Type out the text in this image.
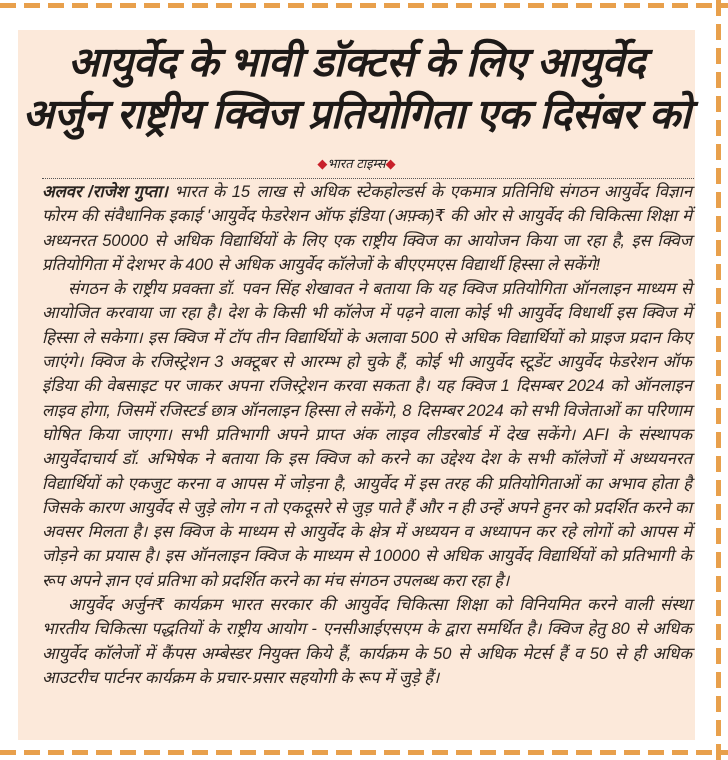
आयुर्वेद के भावी डॉक्टर्स के लिए आयुर्वेद
अर्जुन राष्ट्रीय क्विज प्रतियोगिता एक दिसंबर को
◆भारत टाइम्स◆

अलवर /राजेश गुप्ता। भारत के 15 लाख से अधिक स्टेकहोल्डर्स के एकमात्र प्रतिनिधि संगठन आयुर्वेद विज्ञान फोरम की संवैधानिक इकाई 'आयुर्वेद फेडरेशन ऑफ इंडिया (अफ़्क)₹ की ओर से आयुर्वेद की चिकित्सा शिक्षा में अध्यनरत 50000 से अधिक विद्यार्थियों के लिए एक राष्ट्रीय क्विज का आयोजन किया जा रहा है, इस क्विज प्रतियोगिता में देशभर के 400 से अधिक आयुर्वेद कॉलेजों के बीएएमएस विद्यार्थी हिस्सा ले सकेंगे!

संगठन के राष्ट्रीय प्रवक्ता डॉ. पवन सिंह शेखावत ने बताया कि यह क्विज प्रतियोगिता ऑनलाइन माध्यम से आयोजित करवाया जा रहा है। देश के किसी भी कॉलेज में पढ़ने वाला कोई भी आयुर्वेद विधार्थी इस क्विज में हिस्सा ले सकेगा। इस क्विज में टॉप तीन विद्यार्थियों के अलावा 500 से अधिक विद्यार्थियों को प्राइज प्रदान किए जाएंगे। क्विज के रजिस्ट्रेशन 3 अक्टूबर से आरम्भ हो चुके हैं, कोई भी आयुर्वेद स्टूडेंट आयुर्वेद फेडरेशन ऑफ इंडिया की वेबसाइट पर जाकर अपना रजिस्ट्रेशन करवा सकता है। यह क्विज 1 दिसम्बर 2024 को ऑनलाइन लाइव होगा, जिसमें रजिस्टर्ड छात्र ऑनलाइन हिस्सा ले सकेंगे, 8 दिसम्बर 2024 को सभी विजेताओं का परिणाम घोषित किया जाएगा। सभी प्रतिभागी अपने प्राप्त अंक लाइव लीडरबोर्ड में देख सकेंगे। AFI के संस्थापक आयुर्वेदाचार्य डॉ. अभिषेक ने बताया कि इस क्विज को करने का उद्देश्य देश के सभी कॉलेजों में अध्ययनरत विद्यार्थियों को एकजुट करना व आपस में जोड़ना है, आयुर्वेद में इस तरह की प्रतियोगिताओं का अभाव होता है जिसके कारण आयुर्वेद से जुड़े लोग न तो एकदूसरे से जुड़ पाते हैं और न ही उन्हें अपने हुनर को प्रदर्शित करने का अवसर मिलता है। इस क्विज के माध्यम से आयुर्वेद के क्षेत्र में अध्ययन व अध्यापन कर रहे लोगों को आपस में जोड़ने का प्रयास है। इस ऑनलाइन क्विज के माध्यम से 10000 से अधिक आयुर्वेद विद्यार्थियों को प्रतिभागी के रूप अपने ज्ञान एवं प्रतिभा को प्रदर्शित करने का मंच संगठन उपलब्ध करा रहा है।

आयुर्वेद अर्जुन₹ कार्यक्रम भारत सरकार की आयुर्वेद चिकित्सा शिक्षा को विनियमित करने वाली संस्था भारतीय चिकित्सा पद्धतियों के राष्ट्रीय आयोग - एनसीआईएसएम के द्वारा समर्थित है। क्विज हेतु 80 से अधिक आयुर्वेद कॉलेजों में कैंपस अम्बेस्डर नियुक्त किये हैं, कार्यक्रम के 50 से अधिक मेटर्स हैं व 50 से ही अधिक आउटरीच पार्टनर कार्यक्रम के प्रचार-प्रसार सहयोगी के रूप में जुड़े हैं।
